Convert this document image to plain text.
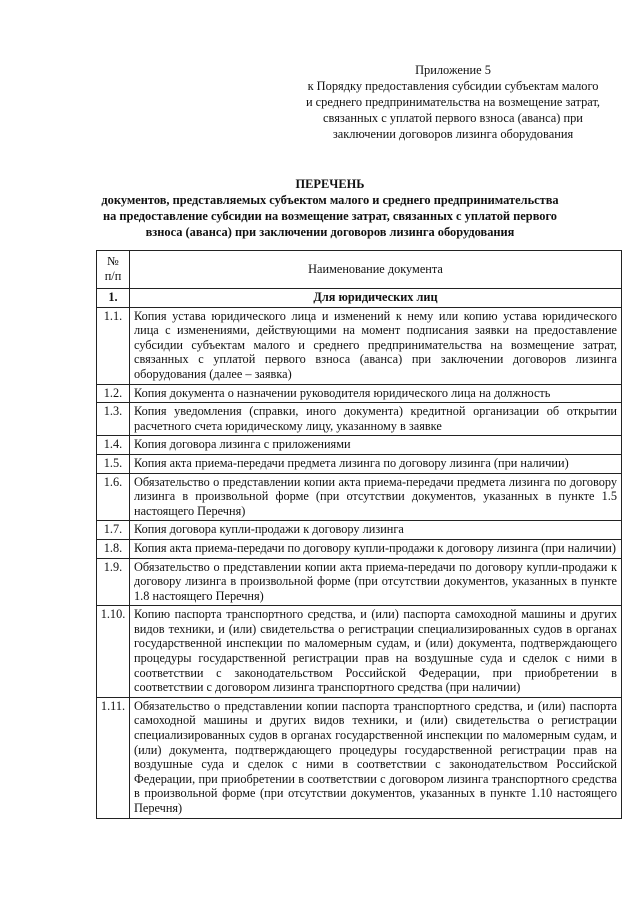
Приложение 5
к Порядку предоставления субсидии субъектам малого
и среднего предпринимательства на возмещение затрат,
связанных с уплатой первого взноса (аванса) при
заключении договоров лизинга оборудования
ПЕРЕЧЕНЬ
документов, представляемых субъектом малого и среднего предпринимательства
на предоставление субсидии на возмещение затрат, связанных с уплатой первого
взноса (аванса) при заключении договоров лизинга оборудования
№ п/п	Наименование документа
1.	Для юридических лиц
1.1.	Копия устава юридического лица и изменений к нему или копию устава юридического лица с изменениями, действующими на момент подписания заявки на предоставление субсидии субъектам малого и среднего предпринимательства на возмещение затрат, связанных с уплатой первого взноса (аванса) при заключении договоров лизинга оборудования (далее – заявка)
1.2.	Копия документа о назначении руководителя юридического лица на должность
1.3.	Копия уведомления (справки, иного документа) кредитной организации об открытии расчетного счета юридическому лицу, указанному в заявке
1.4.	Копия договора лизинга с приложениями
1.5.	Копия акта приема-передачи предмета лизинга по договору лизинга (при наличии)
1.6.	Обязательство о представлении копии акта приема-передачи предмета лизинга по договору лизинга в произвольной форме (при отсутствии документов, указанных в пункте 1.5 настоящего Перечня)
1.7.	Копия договора купли-продажи к договору лизинга
1.8.	Копия акта приема-передачи по договору купли-продажи к договору лизинга (при наличии)
1.9.	Обязательство о представлении копии акта приема-передачи по договору купли-продажи к договору лизинга в произвольной форме (при отсутствии документов, указанных в пункте 1.8 настоящего Перечня)
1.10.	Копию паспорта транспортного средства, и (или) паспорта самоходной машины и других видов техники, и (или) свидетельства о регистрации специализированных судов в органах государственной инспекции по маломерным судам, и (или) документа, подтверждающего процедуры государственной регистрации прав на воздушные суда и сделок с ними в соответствии с законодательством Российской Федерации, при приобретении в соответствии с договором лизинга транспортного средства (при наличии)
1.11.	Обязательство о представлении копии паспорта транспортного средства, и (или) паспорта самоходной машины и других видов техники, и (или) свидетельства о регистрации специализированных судов в органах государственной инспекции по маломерным судам, и (или) документа, подтверждающего процедуры государственной регистрации прав на воздушные суда и сделок с ними в соответствии с законодательством Российской Федерации, при приобретении в соответствии с договором лизинга транспортного средства в произвольной форме (при отсутствии документов, указанных в пункте 1.10 настоящего Перечня)
